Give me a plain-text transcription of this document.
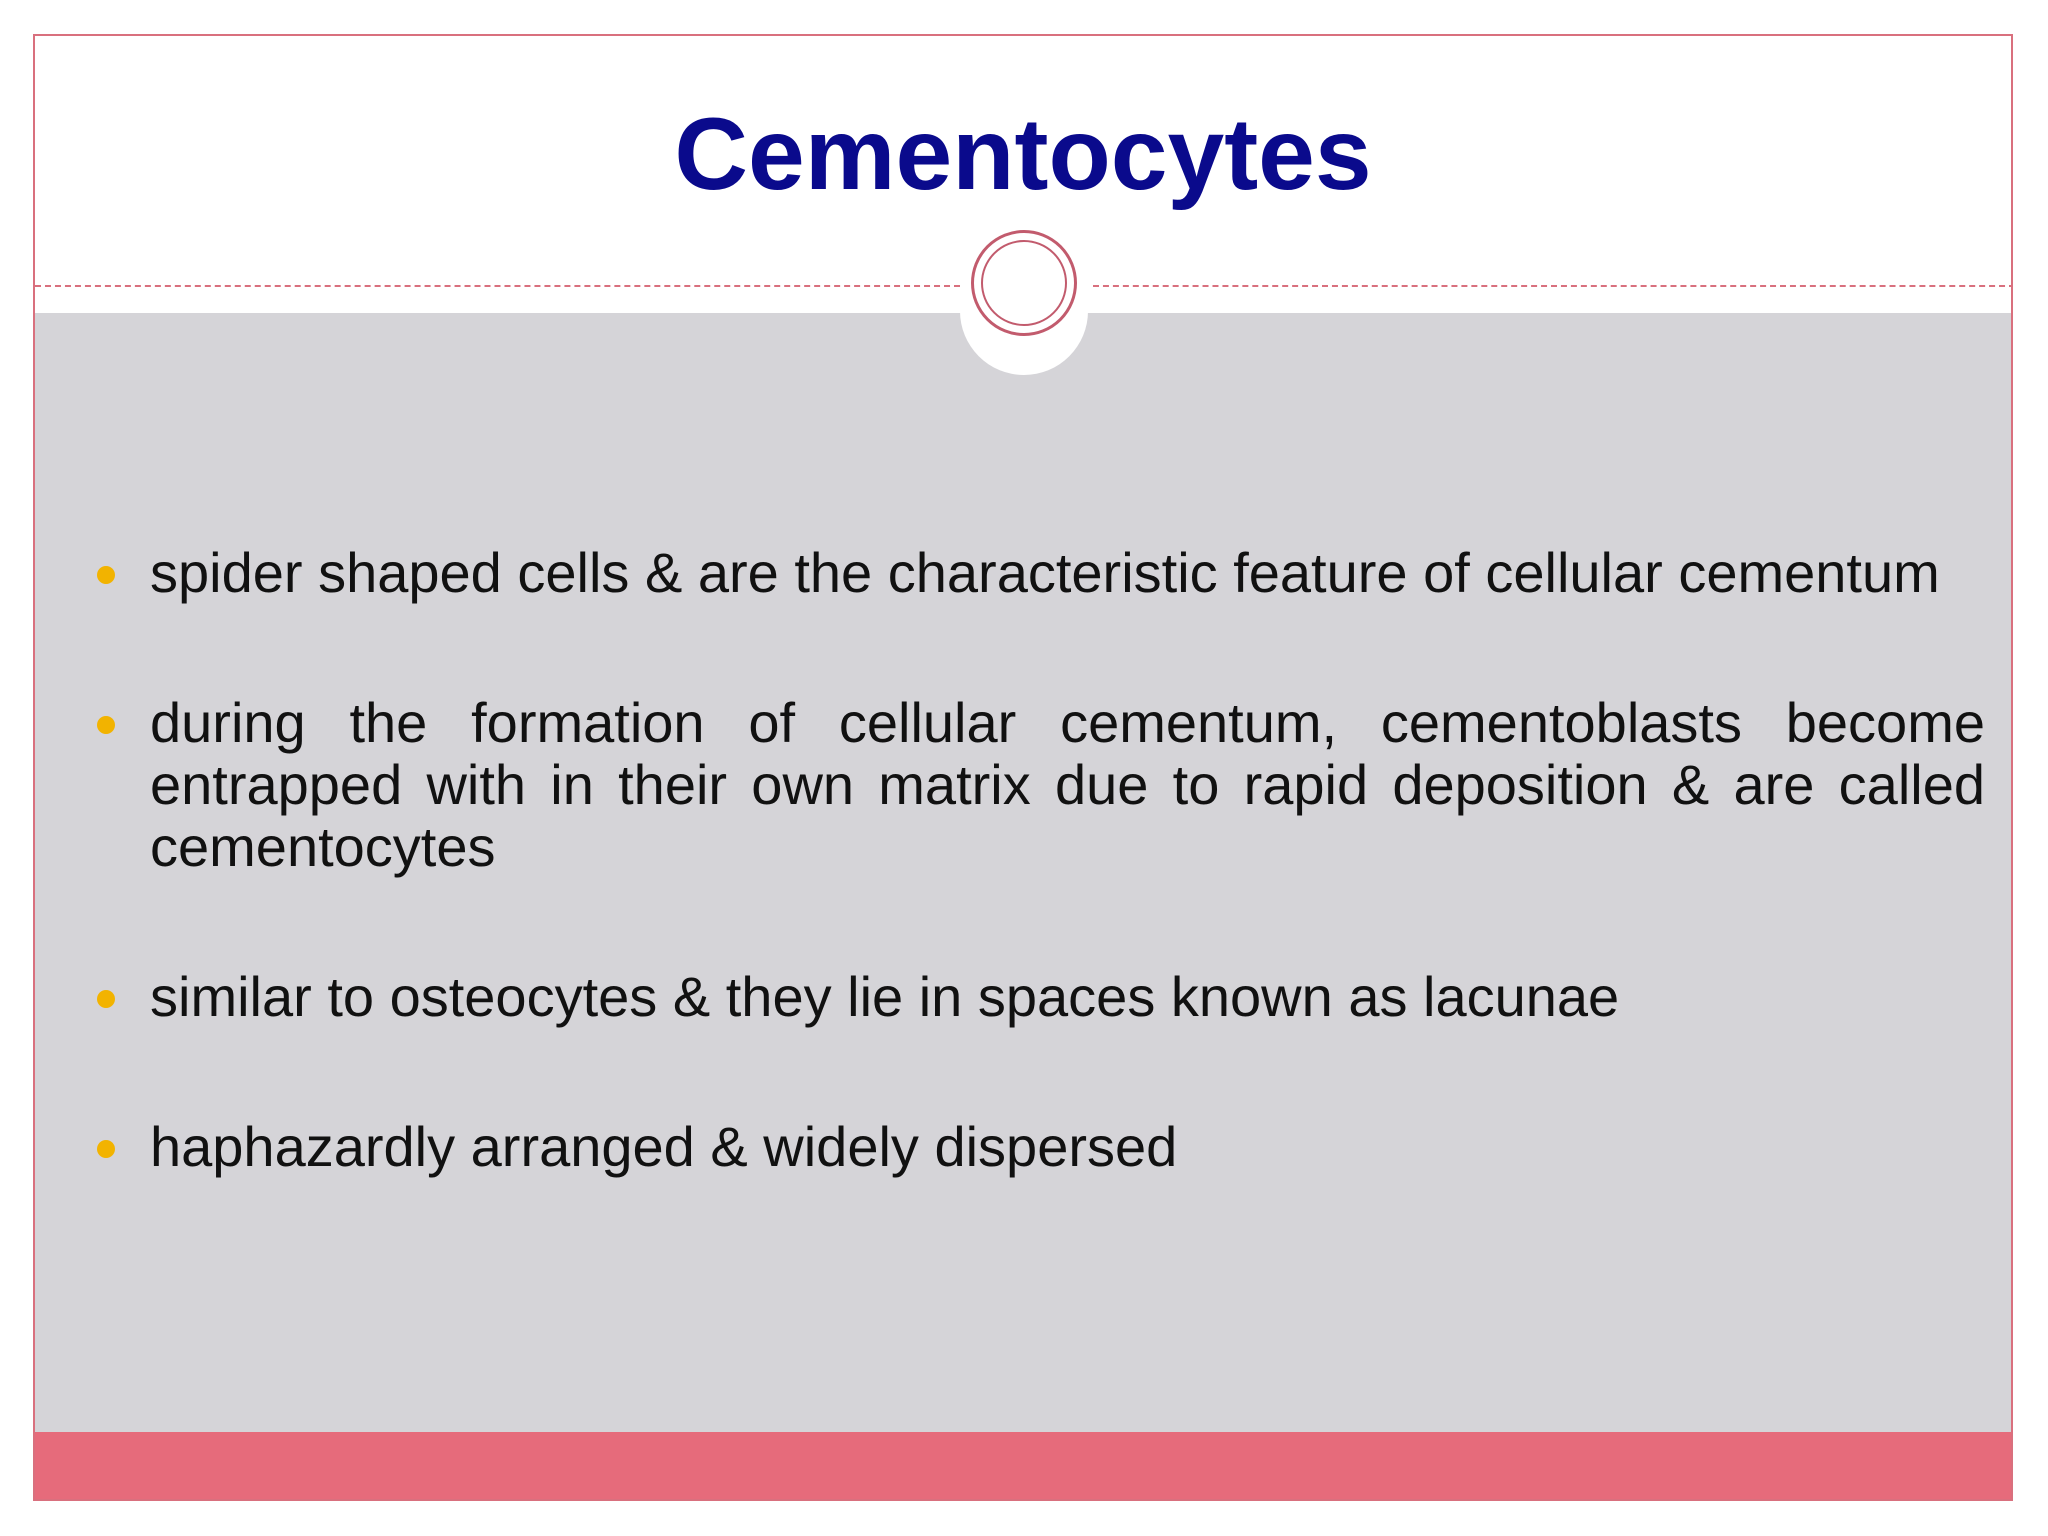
Cementocytes
spider shaped cells & are the characteristic feature of cellular cementum
during the formation of cellular cementum, cementoblasts become entrapped with in their own matrix due to rapid deposition & are called cementocytes
similar to osteocytes & they lie in spaces known as lacunae
haphazardly arranged & widely dispersed
